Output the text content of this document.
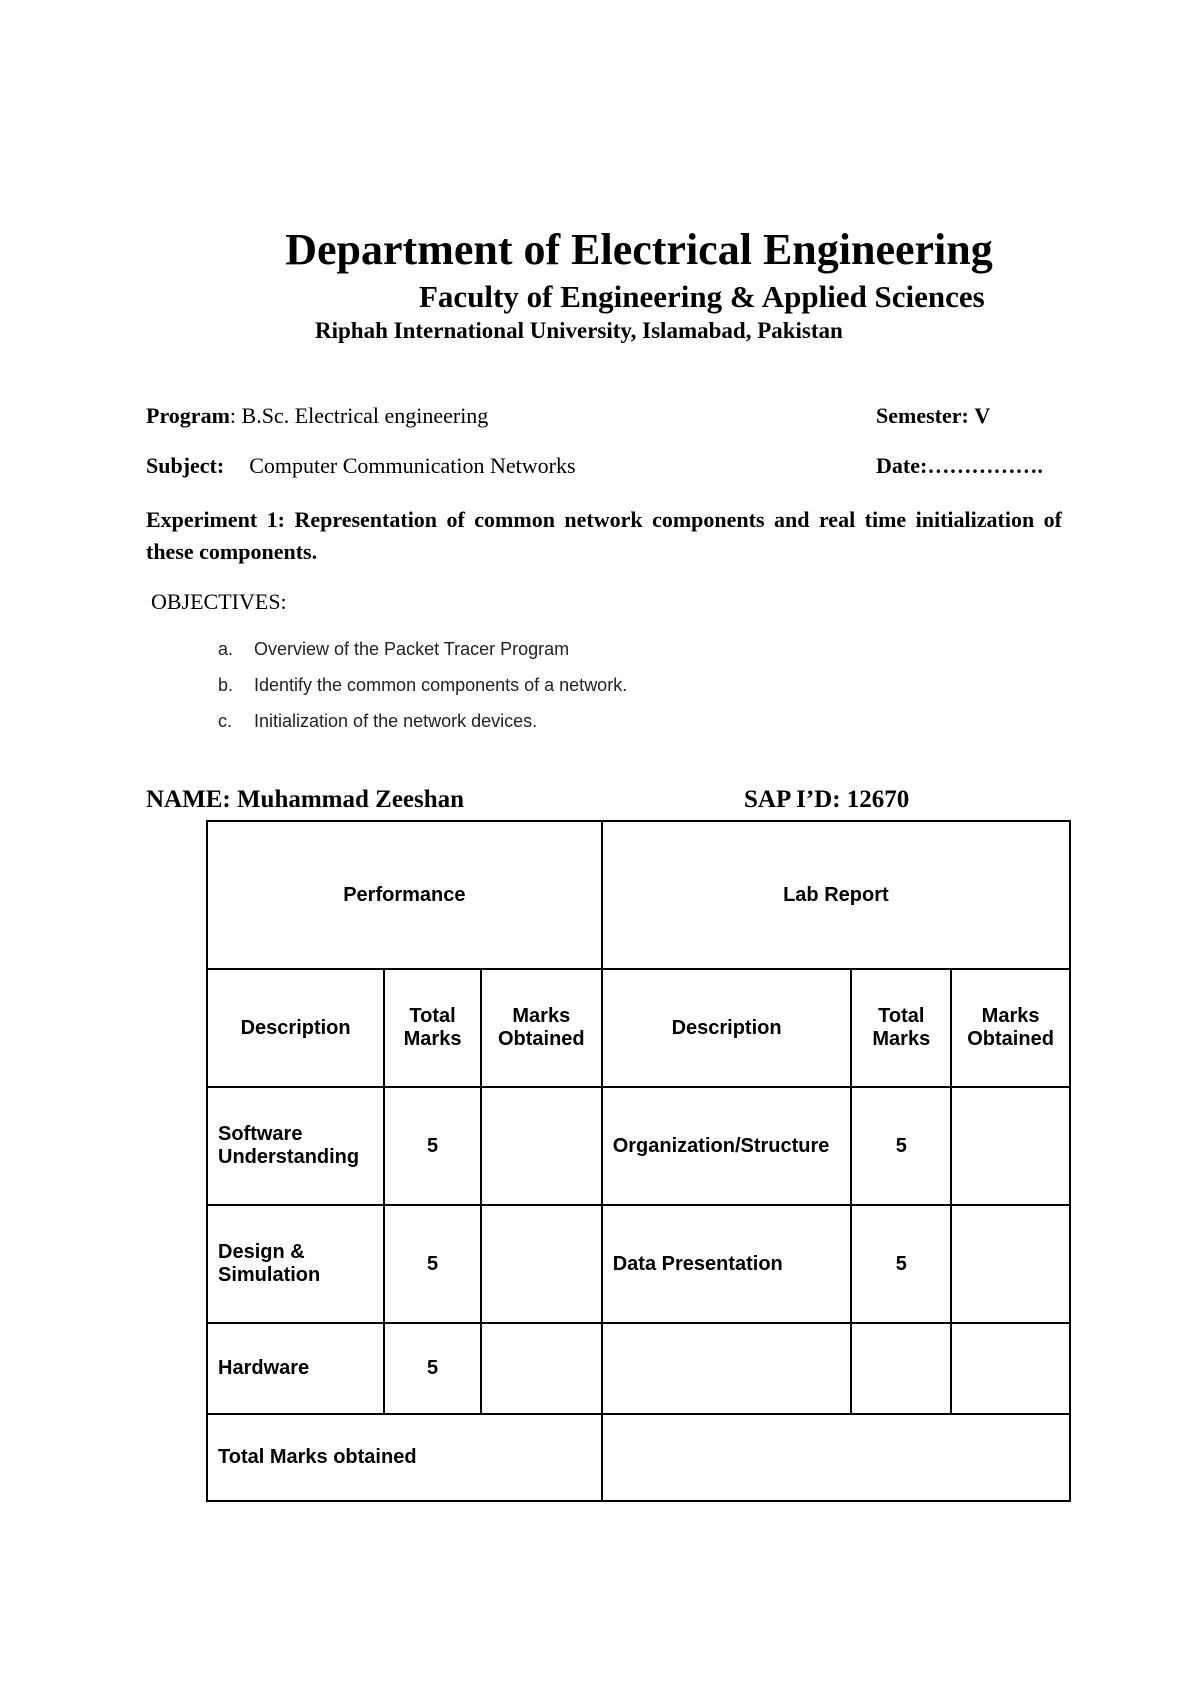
Department of Electrical Engineering
Faculty of Engineering & Applied Sciences
Riphah International University, Islamabad, Pakistan
Program: B.Sc. Electrical engineering	Semester: V
Subject: Computer Communication Networks	Date:…………….
Experiment 1: Representation of common network components and real time initialization of these components.
OBJECTIVES:
a.	Overview of the Packet Tracer Program
b.	Identify the common components of a network.
c.	Initialization of the network devices.
NAME: Muhammad Zeeshan	SAP I’D: 12670
Performance			Lab Report		
Description	Total Marks	Marks Obtained	Description	Total Marks	Marks Obtained
Software Understanding	5		Organization/Structure	5	
Design & Simulation	5		Data Presentation	5	
Hardware	5				
Total Marks obtained					
